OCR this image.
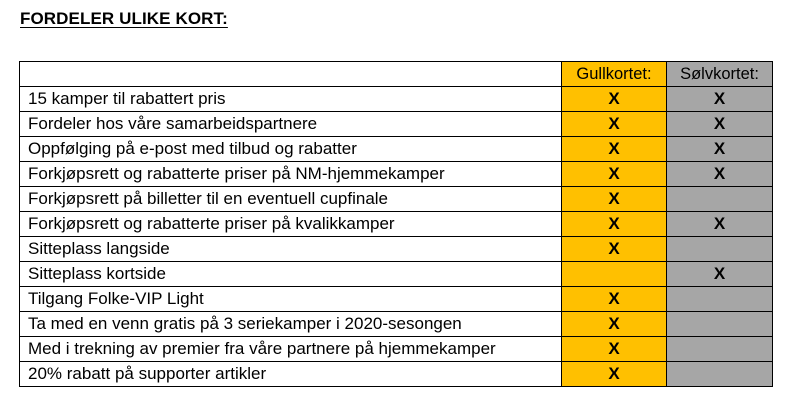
FORDELER ULIKE KORT:
	Gullkortet:	Sølvkortet:
15 kamper til rabattert pris	X	X
Fordeler hos våre samarbeidspartnere	X	X
Oppfølging på e-post med tilbud og rabatter	X	X
Forkjøpsrett og rabatterte priser på NM-hjemmekamper	X	X
Forkjøpsrett på billetter til en eventuell cupfinale	X	
Forkjøpsrett og rabatterte priser på kvalikkamper	X	X
Sitteplass langside	X	
Sitteplass kortside		X
Tilgang Folke-VIP Light	X	
Ta med en venn gratis på 3 seriekamper i 2020-sesongen	X	
Med i trekning av premier fra våre partnere på hjemmekamper	X	
20% rabatt på supporter artikler	X	
